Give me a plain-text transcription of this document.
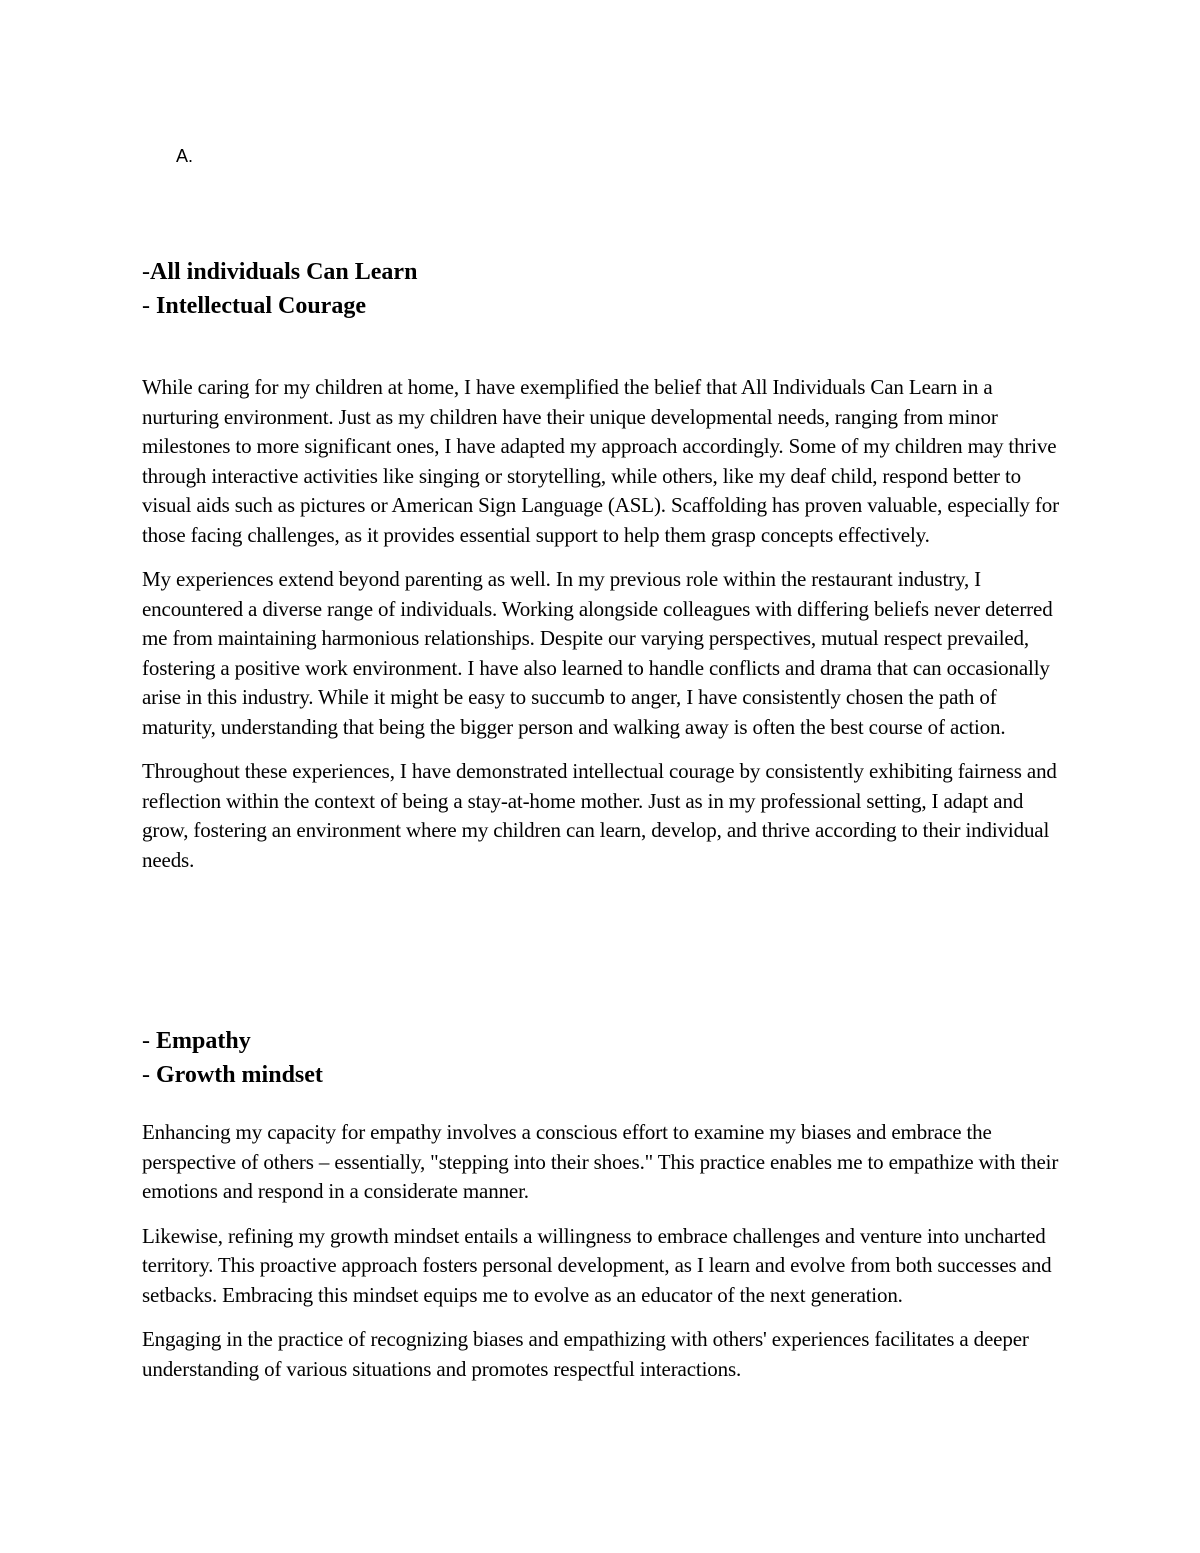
A.

-All individuals Can Learn
- Intellectual Courage

While caring for my children at home, I have exemplified the belief that All Individuals Can Learn in a nurturing environment. Just as my children have their unique developmental needs, ranging from minor milestones to more significant ones, I have adapted my approach accordingly. Some of my children may thrive through interactive activities like singing or storytelling, while others, like my deaf child, respond better to visual aids such as pictures or American Sign Language (ASL). Scaffolding has proven valuable, especially for those facing challenges, as it provides essential support to help them grasp concepts effectively.

My experiences extend beyond parenting as well. In my previous role within the restaurant industry, I encountered a diverse range of individuals. Working alongside colleagues with differing beliefs never deterred me from maintaining harmonious relationships. Despite our varying perspectives, mutual respect prevailed, fostering a positive work environment. I have also learned to handle conflicts and drama that can occasionally arise in this industry. While it might be easy to succumb to anger, I have consistently chosen the path of maturity, understanding that being the bigger person and walking away is often the best course of action.

Throughout these experiences, I have demonstrated intellectual courage by consistently exhibiting fairness and reflection within the context of being a stay-at-home mother. Just as in my professional setting, I adapt and grow, fostering an environment where my children can learn, develop, and thrive according to their individual needs.

- Empathy
- Growth mindset

Enhancing my capacity for empathy involves a conscious effort to examine my biases and embrace the perspective of others – essentially, "stepping into their shoes." This practice enables me to empathize with their emotions and respond in a considerate manner.

Likewise, refining my growth mindset entails a willingness to embrace challenges and venture into uncharted territory. This proactive approach fosters personal development, as I learn and evolve from both successes and setbacks. Embracing this mindset equips me to evolve as an educator of the next generation.

Engaging in the practice of recognizing biases and empathizing with others' experiences facilitates a deeper understanding of various situations and promotes respectful interactions.
